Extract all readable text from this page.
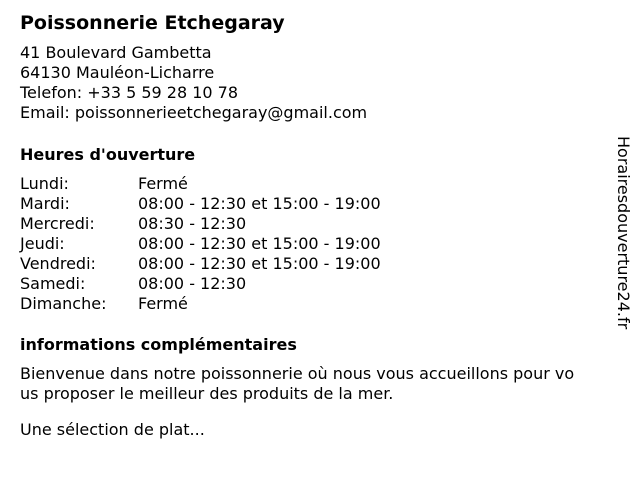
Poissonnerie Etchegaray
41 Boulevard Gambetta
64130 Mauléon-Licharre
Telefon: +33 5 59 28 10 78
Email: poissonnerieetchegaray@gmail.com
Heures d'ouverture
Lundi:	Fermé
Mardi:	08:00 - 12:30 et 15:00 - 19:00
Mercredi:	08:30 - 12:30
Jeudi:	08:00 - 12:30 et 15:00 - 19:00
Vendredi:	08:00 - 12:30 et 15:00 - 19:00
Samedi:	08:00 - 12:30
Dimanche: Fermé
informations complémentaires
Bienvenue dans notre poissonnerie où nous vous accueillons pour vo
us proposer le meilleur des produits de la mer.
Une sélection de plat...
Horairesdouverture24.fr
